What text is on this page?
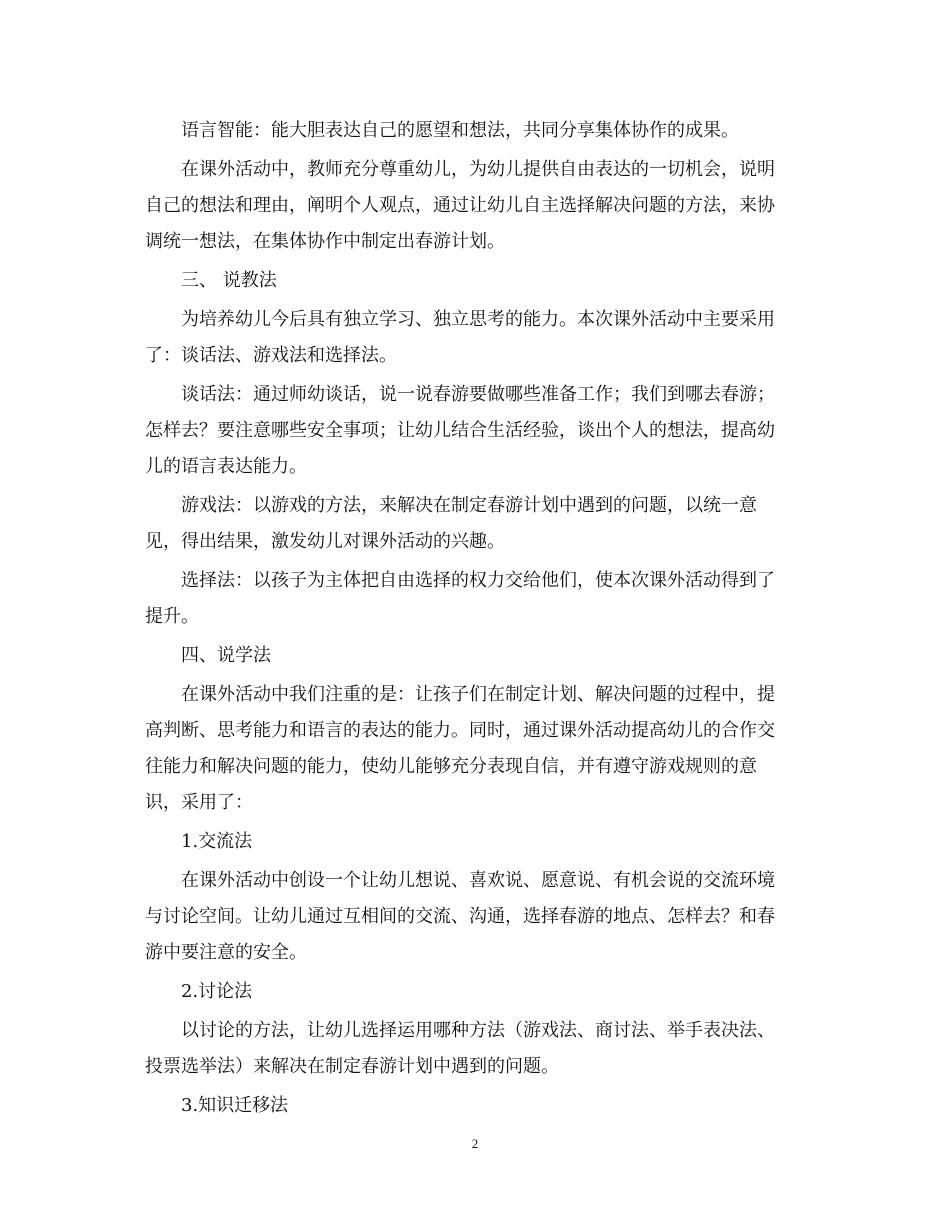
语言智能：能大胆表达自己的愿望和想法，共同分享集体协作的成果。
在课外活动中，教师充分尊重幼儿，为幼儿提供自由表达的一切机会，说明
自己的想法和理由，阐明个人观点，通过让幼儿自主选择解决问题的方法，来协
调统一想法，在集体协作中制定出春游计划。
三、 说教法
为培养幼儿今后具有独立学习、独立思考的能力。本次课外活动中主要采用
了：谈话法、游戏法和选择法。
谈话法：通过师幼谈话，说一说春游要做哪些准备工作；我们到哪去春游；
怎样去？要注意哪些安全事项；让幼儿结合生活经验，谈出个人的想法，提高幼
儿的语言表达能力。
游戏法：以游戏的方法，来解决在制定春游计划中遇到的问题，以统一意
见，得出结果，激发幼儿对课外活动的兴趣。
选择法：以孩子为主体把自由选择的权力交给他们，使本次课外活动得到了
提升。
四、说学法
在课外活动中我们注重的是：让孩子们在制定计划、解决问题的过程中，提
高判断、思考能力和语言的表达的能力。同时，通过课外活动提高幼儿的合作交
往能力和解决问题的能力，使幼儿能够充分表现自信，并有遵守游戏规则的意
识，采用了：
1.交流法
在课外活动中创设一个让幼儿想说、喜欢说、愿意说、有机会说的交流环境
与讨论空间。让幼儿通过互相间的交流、沟通，选择春游的地点、怎样去？和春
游中要注意的安全。
2.讨论法
以讨论的方法，让幼儿选择运用哪种方法（游戏法、商讨法、举手表决法、
投票选举法）来解决在制定春游计划中遇到的问题。
3.知识迁移法
2
